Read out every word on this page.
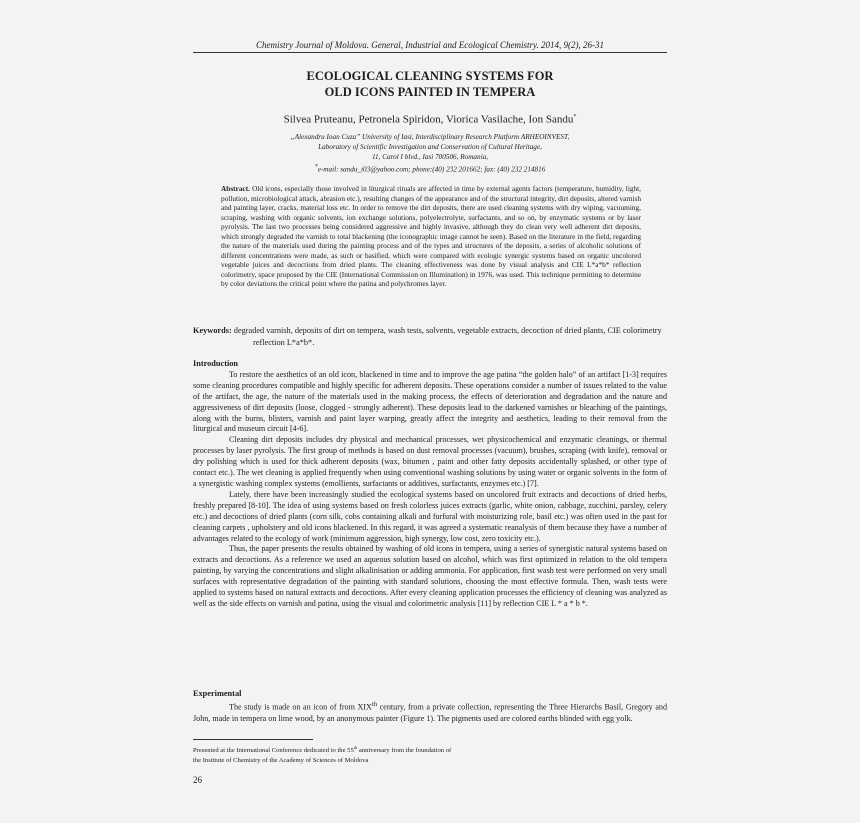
Chemistry Journal of Moldova. General, Industrial and Ecological Chemistry. 2014, 9(2), 26-31
ECOLOGICAL CLEANING SYSTEMS FOR
OLD ICONS PAINTED IN TEMPERA
Silvea Pruteanu, Petronela Spiridon, Viorica Vasilache, Ion Sandu*
„Alexandru Ioan Cuza” University of Iasi, Interdisciplinary Research Platform ARHEOINVEST,
Laboratory of Scientific Investigation and Conservation of Cultural Heritage,
11, Carol I blvd., Iasi 700506, Romania,
*e-mail: sandu_i03@yahoo.com; phone:(40) 232 201662; fax: (40) 232 214816
Abstract. Old icons, especially those involved in liturgical rituals are affected in time by external agents factors (temperature, humidity, light, pollution, microbiological attack, abrasion etc.), resulting changes of the appearance and of the structural integrity, dirt deposits, altered varnish and painting layer, cracks, material loss etc. In order to remove the dirt deposits, there are used cleaning systems with dry wiping, vacuuming, scraping, washing with organic solvents, ion exchange solutions, polyelectrolyte, surfactants, and so on, by enzymatic systems or by laser pyrolysis. The last two processes being considered aggressive and highly invasive, although they do clean very well adherent dirt deposits, which strongly degraded the varnish to total blackening (the iconographic image cannot be seen). Based on the literature in the field, regarding the nature of the materials used during the painting process and of the types and structures of the deposits, a series of alcoholic solutions of different concentrations were made, as such or basified, which were compared with ecologic synergic systems based on organic uncolored vegetable juices and decoctions from dried plants. The cleaning effectiveness was done by visual analysis and CIE L*a*b* reflection colorimetry, space proposed by the CIE (International Commission on Illumination) in 1976, was used. This technique permitting to determine by color deviations the critical point where the patina and polychromes layer.
Keywords: degraded varnish, deposits of dirt on tempera, wash tests, solvents, vegetable extracts, decoction of dried plants, CIE colorimetry reflection L*a*b*.
Introduction

To restore the aesthetics of an old icon, blackened in time and to improve the age patina “the golden halo” of an artifact [1-3] requires some cleaning procedures compatible and highly specific for adherent deposits. These operations consider a number of issues related to the value of the artifact, the age, the nature of the materials used in the making process, the effects of deterioration and degradation and the nature and aggressiveness of dirt deposits (loose, clogged - strongly adherent). These deposits lead to the darkened varnishes or bleaching of the paintings, along with the burns, blisters, varnish and paint layer warping, greatly affect the integrity and aesthetics, leading to their removal from the liturgical and museum circuit [4-6].

Cleaning dirt deposits includes dry physical and mechanical processes, wet physicochemical and enzymatic cleanings, or thermal processes by laser pyrolysis. The first group of methods is based on dust removal processes (vacuum), brushes, scraping (with knife), removal or dry polishing which is used for thick adherent deposits (wax, bitumen , paint and other fatty deposits accidentally splashed, or other type of contact etc.). The wet cleaning is applied frequently when using conventional washing solutions by using water or organic solvents in the form of a synergistic washing complex systems (emollients, surfactants or additives, surfactants, enzymes etc.) [7].

Lately, there have been increasingly studied the ecological systems based on uncolored fruit extracts and decoctions of dried herbs, freshly prepared [8-10]. The idea of using systems based on fresh colorless juices extracts (garlic, white onion, cabbage, zucchini, parsley, celery etc.) and decoctions of dried plants (corn silk, cobs containing alkali and furfural with moisturizing role, basil etc.) was often used in the past for cleaning carpets , upholstery and old icons blackened. In this regard, it was agreed a systematic reanalysis of them because they have a number of advantages related to the ecology of work (minimum aggression, high synergy, low cost, zero toxicity etc.).

Thus, the paper presents the results obtained by washing of old icons in tempera, using a series of synergistic natural systems based on extracts and decoctions. As a reference we used an aqueous solution based on alcohol, which was first optimized in relation to the old tempera painting, by varying the concentrations and slight alkalinisation or adding ammonia. For application, first wash test were performed on very small surfaces with representative degradation of the painting with standard solutions, choosing the most effective formula. Then, wash tests were applied to systems based on natural extracts and decoctions. After every cleaning application processes the efficiency of cleaning was analyzed as well as the side effects on varnish and patina, using the visual and colorimetric analysis [11] by reflection CIE L * a * b *.

Experimental

The study is made on an icon of from XIXth century, from a private collection, representing the Three Hierarchs Basil, Gregory and John, made in tempera on lime wood, by an anonymous painter (Figure 1). The pigments used are colored earths blinded with egg yolk.

Presented at the International Conference dedicated to the 55th anniversary from the foundation of
the Institute of Chemistry of the Academy of Sciences of Moldova
26
